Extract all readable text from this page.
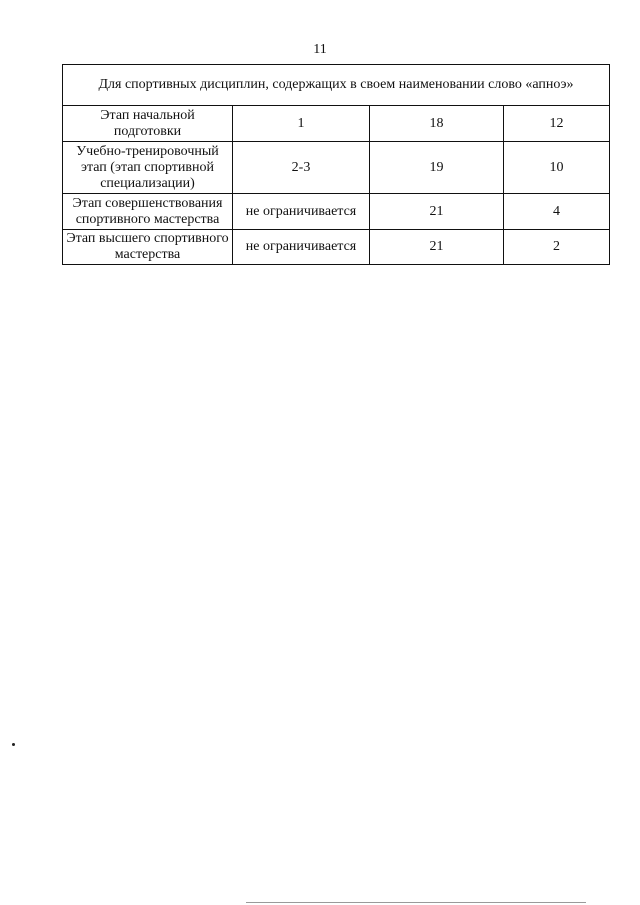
11
Для спортивных дисциплин, содержащих в своем наименовании слово «апноэ»			

Этап начальной подготовки	1	18	12

Учебно-тренировочный этап (этап спортивной специализации)	2-3	19	10

Этап совершенствования спортивного мастерства	не ограничивается	21	4

Этап высшего спортивного мастерства	не ограничивается	21	2
